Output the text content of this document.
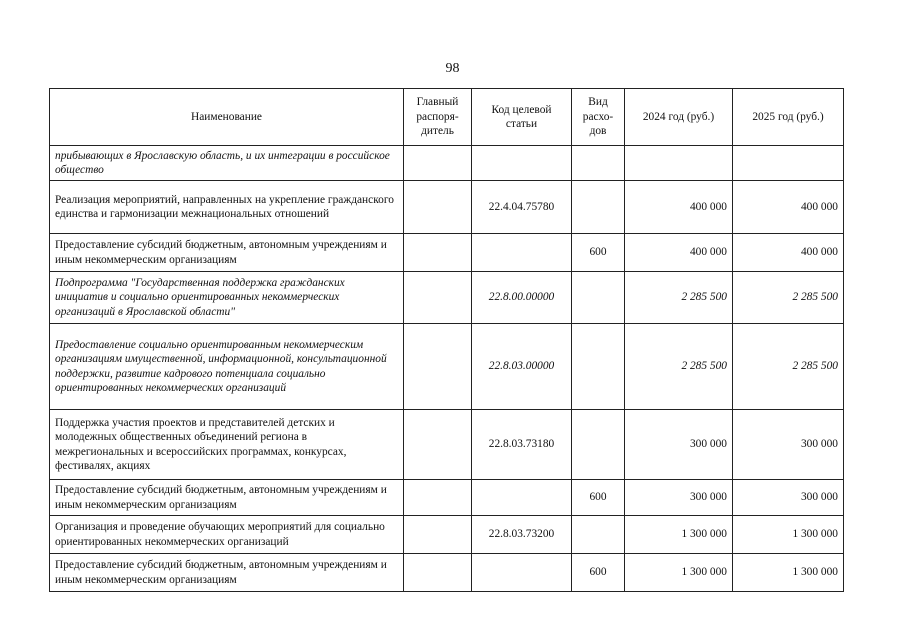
98
Наименование	Главный распоря-дитель	Код целевой статьи	Вид расхо-дов	2024 год (руб.)	2025 год (руб.)
прибывающих в Ярославскую область, и их интеграции в российское общество					
Реализация мероприятий, направленных на укрепление гражданского единства и гармонизации межнациональных отношений		22.4.04.75780		400 000	400 000
Предоставление субсидий бюджетным, автономным учреждениям и иным некоммерческим организациям			600	400 000	400 000
Подпрограмма "Государственная поддержка гражданских инициатив и социально ориентированных некоммерческих организаций в Ярославской области"		22.8.00.00000		2 285 500	2 285 500
Предоставление социально ориентированным некоммерческим организациям имущественной, информационной, консультационной поддержки, развитие кадрового потенциала социально ориентированных некоммерческих организаций		22.8.03.00000		2 285 500	2 285 500
Поддержка участия проектов и представителей детских и молодежных общественных объединений региона в межрегиональных и всероссийских программах, конкурсах, фестивалях, акциях		22.8.03.73180		300 000	300 000
Предоставление субсидий бюджетным, автономным учреждениям и иным некоммерческим организациям			600	300 000	300 000
Организация и проведение обучающих мероприятий для социально ориентированных некоммерческих организаций		22.8.03.73200		1 300 000	1 300 000
Предоставление субсидий бюджетным, автономным учреждениям и иным некоммерческим организациям			600	1 300 000	1 300 000
